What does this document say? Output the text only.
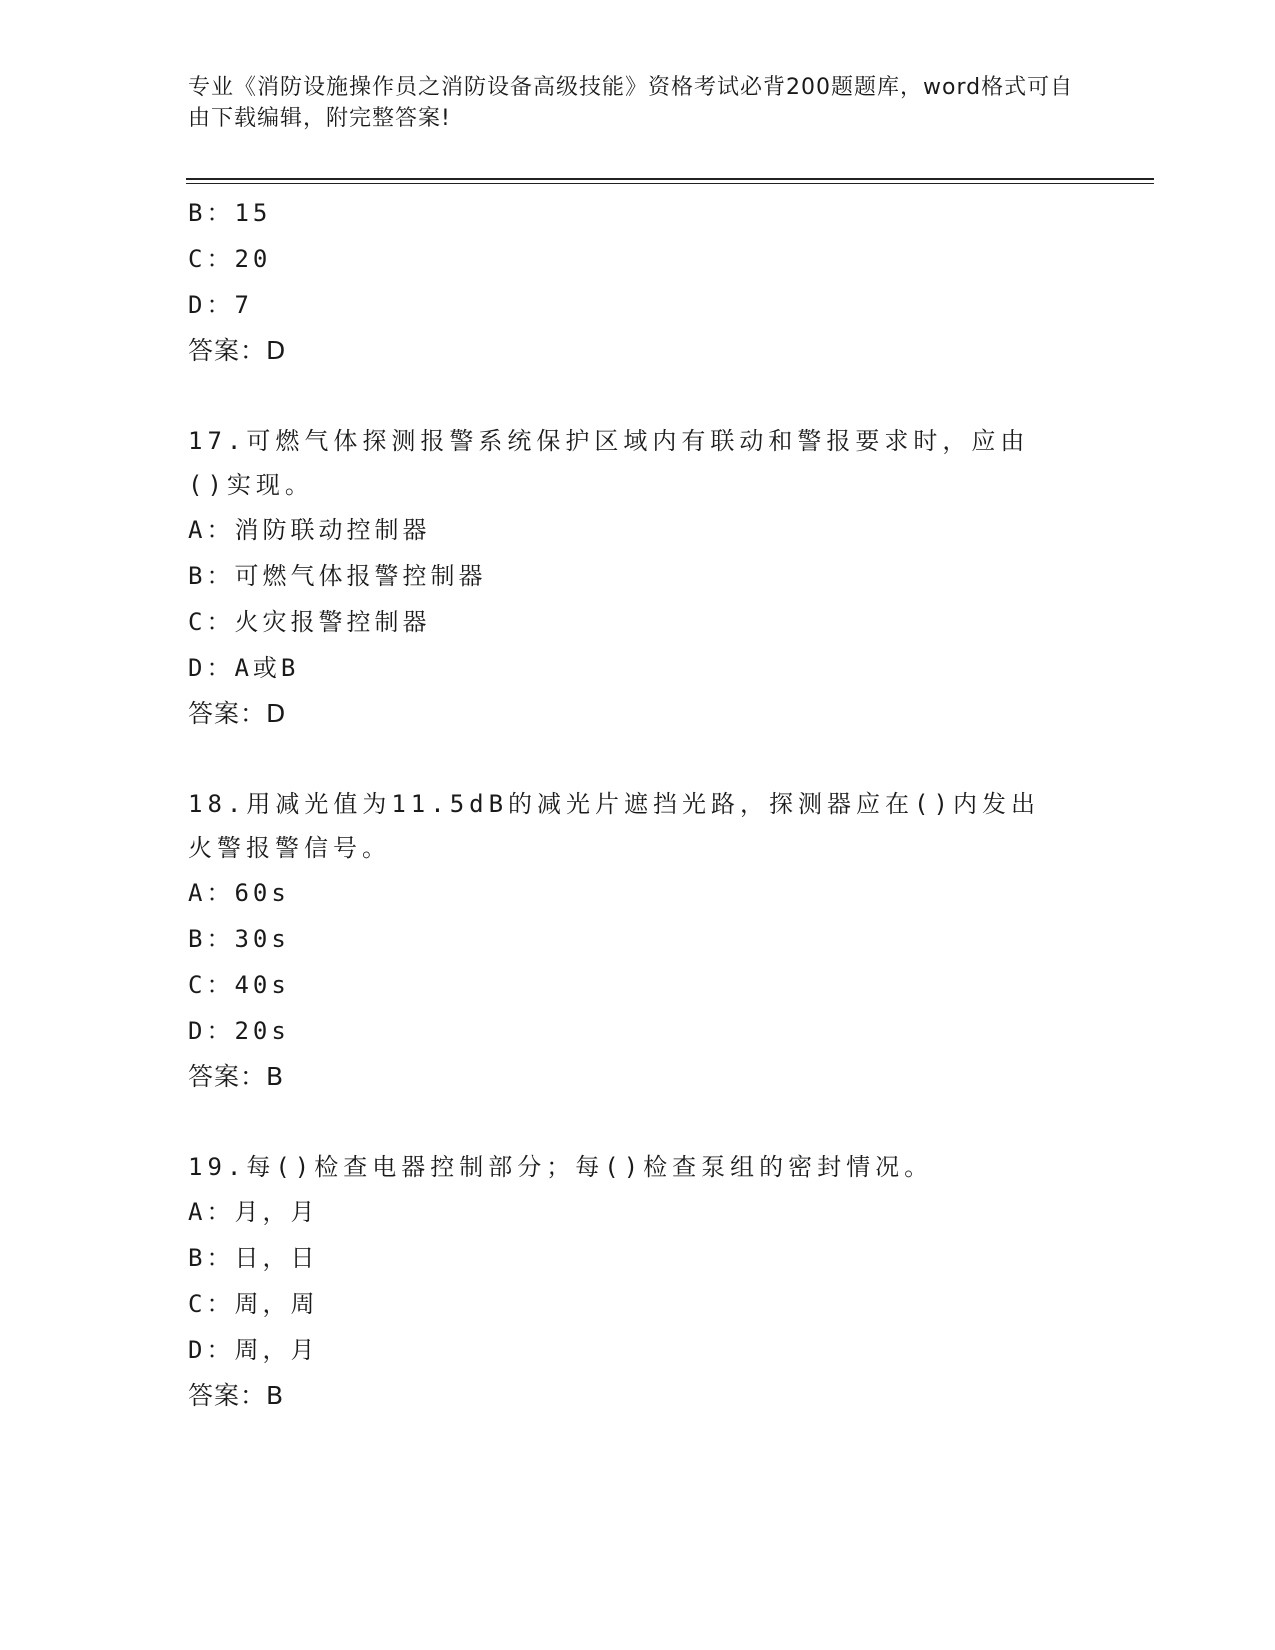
专业《消防设施操作员之消防设备高级技能》资格考试必背200题题库，word格式可自由下载编辑，附完整答案!
B：15
C：20
D：7
答案：D
17.可燃气体探测报警系统保护区域内有联动和警报要求时，应由()实现。
A：消防联动控制器
B：可燃气体报警控制器
C：火灾报警控制器
D：A或B
答案：D
18.用减光值为11.5dB的减光片遮挡光路，探测器应在()内发出火警报警信号。
A：60s
B：30s
C：40s
D：20s
答案：B
19.每()检查电器控制部分；每()检查泵组的密封情况。
A：月，月
B：日，日
C：周，周
D：周，月
答案：B
